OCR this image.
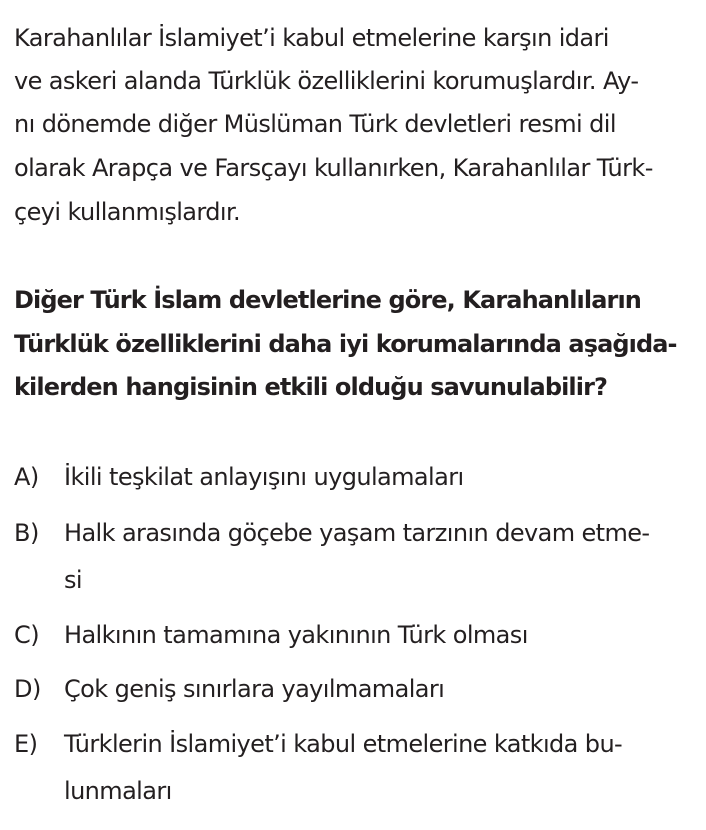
Karahanlılar İslamiyet’i kabul etmelerine karşın idari
ve askeri alanda Türklük özelliklerini korumuşlardır. Ay-
nı dönemde diğer Müslüman Türk devletleri resmi dil
olarak Arapça ve Farsçayı kullanırken, Karahanlılar Türk-
çeyi kullanmışlardır.
Diğer Türk İslam devletlerine göre, Karahanlıların
Türklük özelliklerini daha iyi korumalarında aşağıda-
kilerden hangisinin etkili olduğu savunulabilir?
A) İkili teşkilat anlayışını uygulamaları
B) Halk arasında göçebe yaşam tarzının devam etme-
si
C) Halkının tamamına yakınının Türk olması
D) Çok geniş sınırlara yayılmamaları
E) Türklerin İslamiyet’i kabul etmelerine katkıda bu-
lunmaları
